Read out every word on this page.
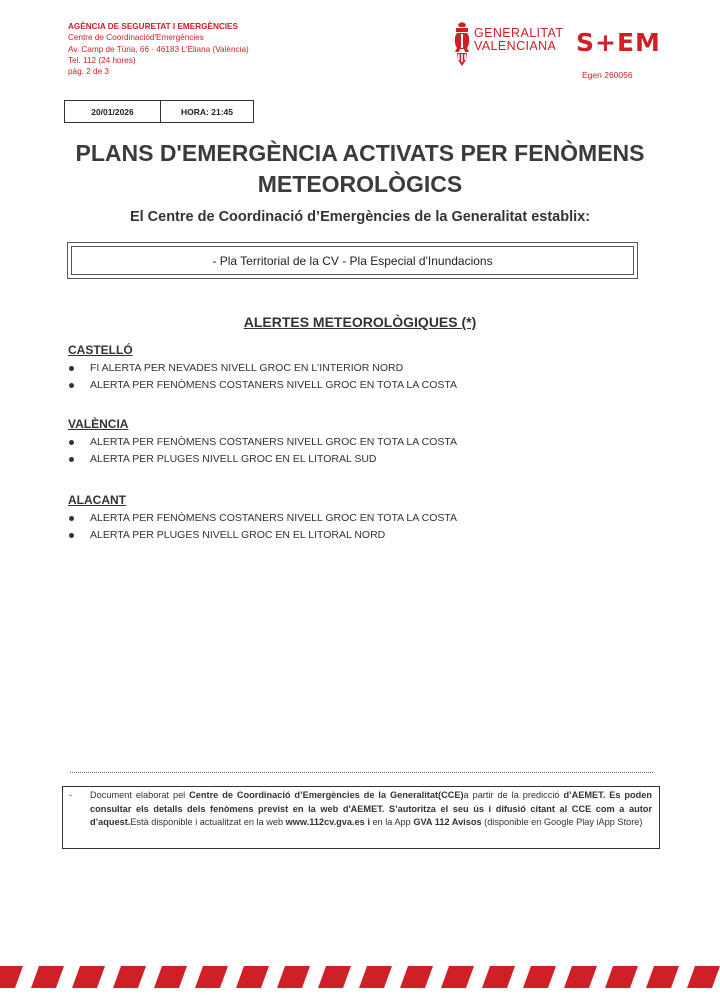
AGÈNCIA DE SEGURETAT I EMERGÈNCIES
Centre de Coordinaciód'Emergències
Av. Camp de Túria, 66 · 46183 L'Eliana (València)
Tel. 112 (24 hores)
pàg. 2 de 3
GENERALITAT
VALENCIANA S+EM
Egen 260056
20/01/2026	HORA: 21:45
PLANS D'EMERGÈNCIA ACTIVATS PER FENÒMENS
METEOROLÒGICS
El Centre de Coordinació d’Emergències de la Generalitat establix:
- Pla Territorial de la CV - Pla Especial d'Inundacions
ALERTES METEOROLÒGIQUES (*)
CASTELLÓ
FI ALERTA PER NEVADES NIVELL GROC EN L'INTERIOR NORD
ALERTA PER FENÒMENS COSTANERS NIVELL GROC EN TOTA LA COSTA
VALÈNCIA
ALERTA PER FENÒMENS COSTANERS NIVELL GROC EN TOTA LA COSTA
ALERTA PER PLUGES NIVELL GROC EN EL LITORAL SUD
ALACANT
ALERTA PER FENÒMENS COSTANERS NIVELL GROC EN TOTA LA COSTA
ALERTA PER PLUGES NIVELL GROC EN EL LITORAL NORD
- Document elaborat pel Centre de Coordinació d’Emergències de la Generalitat(CCE)a partir de la predicció d’AEMET. Es poden consultar els detalls dels fenòmens previst en la web d'AEMET. S’autoritza el seu ús i difusió citant al CCE com a autor d’aquest.Està disponible i actualitzat en la web www.112cv.gva.es i en la App GVA 112 Avisos (disponible en Google Play iApp Store)
